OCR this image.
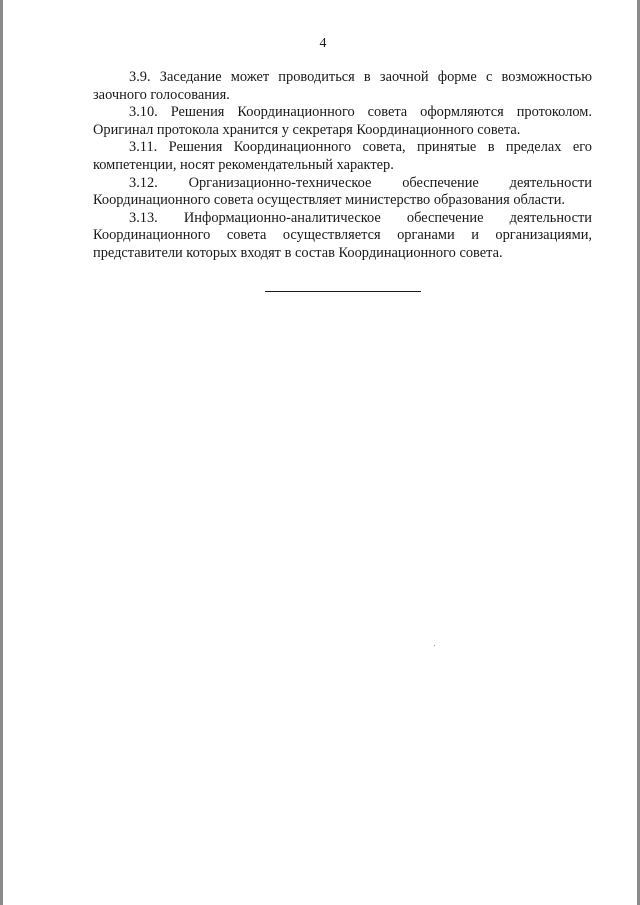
4

3.9. Заседание может проводиться в заочной форме с возможностью заочного голосования.

3.10. Решения Координационного совета оформляются протоколом. Оригинал протокола хранится у секретаря Координационного совета.

3.11. Решения Координационного совета, принятые в пределах его компетенции, носят рекомендательный характер.

3.12. Организационно-техническое обеспечение деятельности Координационного совета осуществляет министерство образования области.

3.13. Информационно-аналитическое обеспечение деятельности Координационного совета осуществляется органами и организациями, представители которых входят в состав Координационного совета.
